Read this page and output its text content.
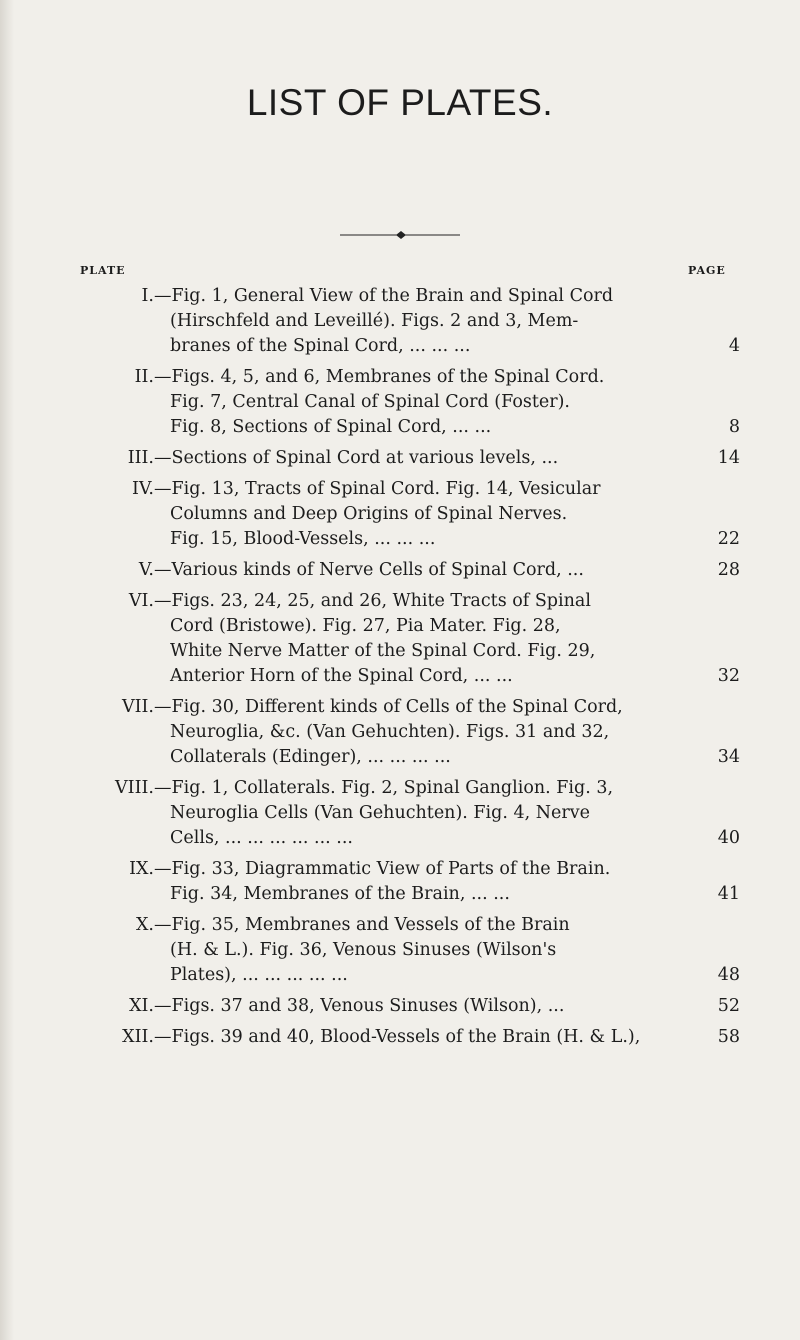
LIST OF PLATES.
PLATE	PAGE
I. —Fig. 1, General View of the Brain and Spinal Cord
(Hirschfeld and Leveillé). Figs. 2 and 3, Mem-
branes of the Spinal Cord, ... ... ...	4
II. —Figs. 4, 5, and 6, Membranes of the Spinal Cord.
Fig. 7, Central Canal of Spinal Cord (Foster).
Fig. 8, Sections of Spinal Cord, ... ...	8
III. —Sections of Spinal Cord at various levels, ...	14
IV. —Fig. 13, Tracts of Spinal Cord. Fig. 14, Vesicular
Columns and Deep Origins of Spinal Nerves.
Fig. 15, Blood-Vessels, ... ... ...	22
V. —Various kinds of Nerve Cells of Spinal Cord, ...	28
VI. —Figs. 23, 24, 25, and 26, White Tracts of Spinal
Cord (Bristowe). Fig. 27, Pia Mater. Fig. 28,
White Nerve Matter of the Spinal Cord. Fig. 29,
Anterior Horn of the Spinal Cord, ... ...	32
VII. —Fig. 30, Different kinds of Cells of the Spinal Cord,
Neuroglia, &c. (Van Gehuchten). Figs. 31 and 32,
Collaterals (Edinger), ... ... ... ...	34
VIII. —Fig. 1, Collaterals. Fig. 2, Spinal Ganglion. Fig. 3,
Neuroglia Cells (Van Gehuchten). Fig. 4, Nerve
Cells, ... ... ... ... ... ...	40
IX. —Fig. 33, Diagrammatic View of Parts of the Brain.
Fig. 34, Membranes of the Brain, ... ...	41
X. —Fig. 35, Membranes and Vessels of the Brain
(H. & L.). Fig. 36, Venous Sinuses (Wilson's
Plates), ... ... ... ... ...	48
XI. —Figs. 37 and 38, Venous Sinuses (Wilson), ...	52
XII. —Figs. 39 and 40, Blood-Vessels of the Brain (H. & L.),	58
